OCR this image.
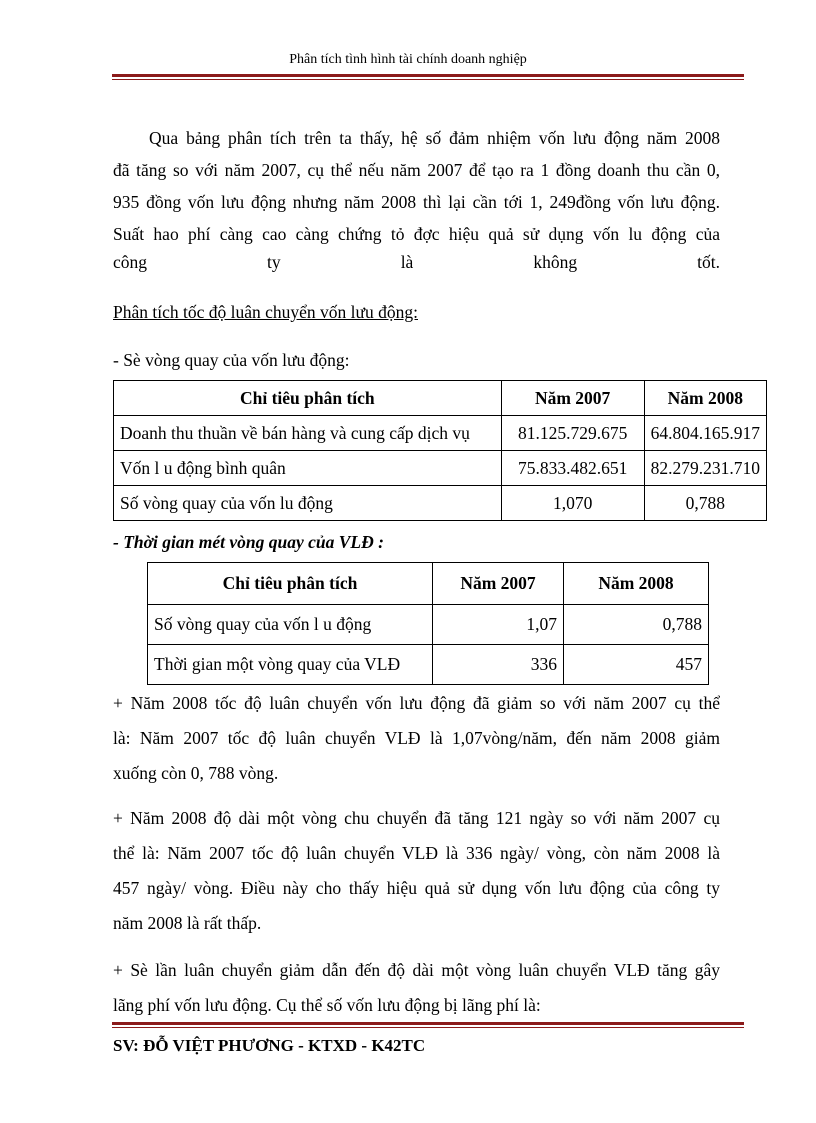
Phân tích tình hình tài chính doanh nghiệp
Qua bảng phân tích trên ta thấy, hệ số đảm nhiệm vốn lưu động năm 2008
đã tăng so với năm 2007, cụ thể nếu năm 2007 để tạo ra 1 đồng doanh thu cần 0,
935 đồng vốn lưu động nhưng năm 2008 thì lại cần tới 1, 249đồng vốn lưu động.
Suất hao phí càng cao càng chứng tỏ đợc hiệu quả sử dụng vốn lu động của
công ty là không tốt.
Phân tích tốc độ luân chuyển vốn lưu động:
- Sè vòng quay của vốn lưu động:
Chỉ tiêu phân tích	Năm 2007	Năm 2008
Doanh thu thuần về bán hàng và cung cấp dịch vụ	81.125.729.675	64.804.165.917
Vốn l u động bình quân	75.833.482.651	82.279.231.710
Số vòng quay của vốn lu động	1,070	0,788
- Thời gian mét vòng quay của VLĐ :
Chỉ tiêu phân tích	Năm 2007	Năm 2008
Số vòng quay của vốn l u động	1,07	0,788
Thời gian một vòng quay của VLĐ	336	457
+ Năm 2008 tốc độ luân chuyển vốn lưu động đã giảm so với năm 2007 cụ thể
là: Năm 2007 tốc độ luân chuyển VLĐ là 1,07vòng/năm, đến năm 2008 giảm
xuống còn 0, 788 vòng.
+ Năm 2008 độ dài một vòng chu chuyển đã tăng 121 ngày so với năm 2007 cụ
thể là: Năm 2007 tốc độ luân chuyển VLĐ là 336 ngày/ vòng, còn năm 2008 là
457 ngày/ vòng. Điều này cho thấy hiệu quả sử dụng vốn lưu động của công ty
năm 2008 là rất thấp.
+ Sè lần luân chuyển giảm dẫn đến độ dài một vòng luân chuyển VLĐ tăng gây
lãng phí vốn lưu động. Cụ thể số vốn lưu động bị lãng phí là:
SV: ĐỖ VIỆT PHƯƠNG - KTXD - K42TC
